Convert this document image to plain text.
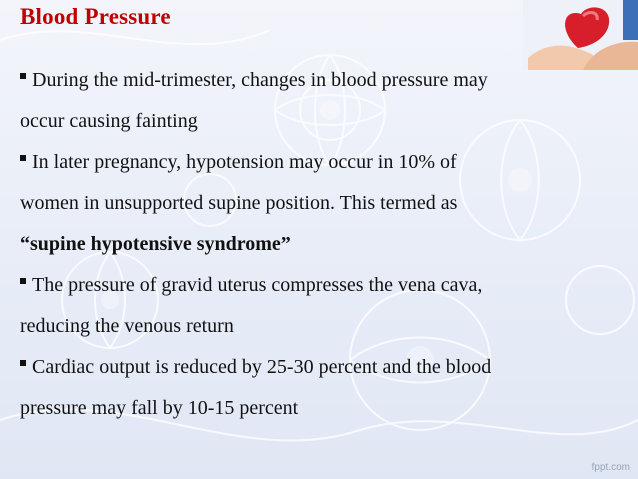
Blood Pressure
During the mid-trimester, changes in blood pressure may
occur causing fainting
In later pregnancy, hypotension may occur in 10% of
women in unsupported supine position. This termed as
“supine hypotensive syndrome”
The pressure of gravid uterus compresses the vena cava,
reducing the venous return
Cardiac output is reduced by 25-30 percent and the blood
pressure may fall by 10-15 percent
fppt.com
